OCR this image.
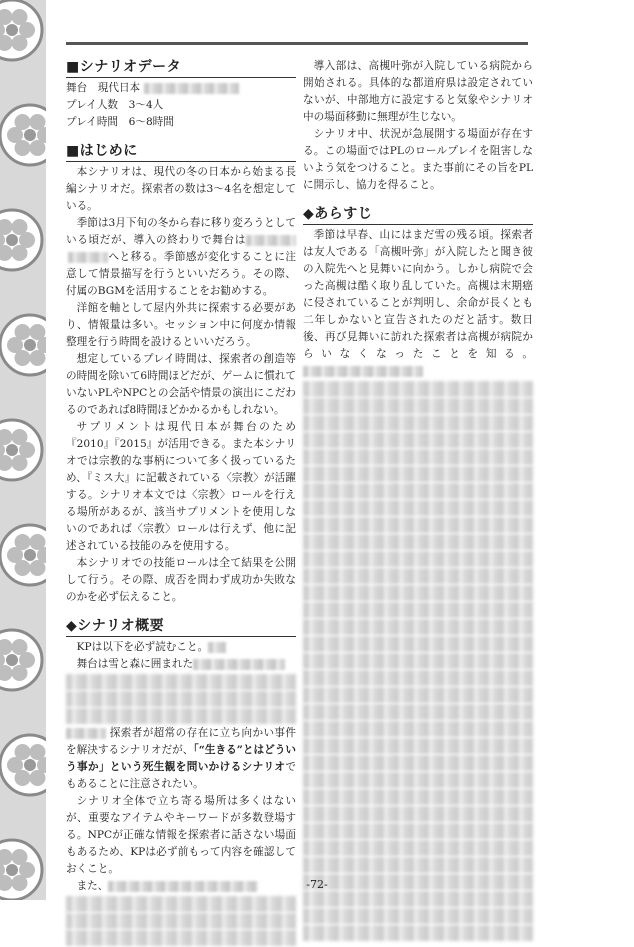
■シナリオデータ
舞台　現代日本
プレイ人数　3〜4人
プレイ時間　6〜8時間
■はじめに

本シナリオは、現代の冬の日本から始まる長編シナリオだ。探索者の数は3〜4名を想定している。

季節は3月下旬の冬から春に移り変ろうとしている頃だが、導入の終わりで舞台はへと移る。季節感が変化することに注意して情景描写を行うといいだろう。その際、付属のBGMを活用することをお勧めする。

洋館を軸として屋内外共に探索する必要があり、情報量は多い。セッション中に何度か情報整理を行う時間を設けるといいだろう。

想定しているプレイ時間は、探索者の創造等の時間を除いて6時間ほどだが、ゲームに慣れていないPLやNPCとの会話や情景の演出にこだわるのであれば8時間ほどかかるかもしれない。

サプリメントは現代日本が舞台のため『2010』『2015』が活用できる。また本シナリオでは宗教的な事柄について多く扱っているため、『ミス大』に記載されている〈宗教〉が活躍する。シナリオ本文では〈宗教〉ロールを行える場所があるが、該当サプリメントを使用しないのであれば〈宗教〉ロールは行えず、他に記述されている技能のみを使用する。

本シナリオでの技能ロールは全て結果を公開して行う。その際、成否を問わず成功か失敗なのかを必ず伝えること。

◆シナリオ概要

KPは以下を必ず読むこと。

舞台は雪と森に囲まれた

探索者が超常の存在に立ち向かい事件を解決するシナリオだが、「“生きる”とはどういう事か」という死生観を問いかけるシナリオでもあることに注意されたい。

シナリオ全体で立ち寄る場所は多くはないが、重要なアイテムやキーワードが多数登場する。NPCが正確な情報を探索者に話さない場面もあるため、KPは必ず前もって内容を確認しておくこと。

また、

導入部は、高槻叶弥が入院している病院から開始される。具体的な都道府県は設定されていないが、中部地方に設定すると気象やシナリオ中の場面移動に無理が生じない。

シナリオ中、状況が急展開する場面が存在する。この場面ではPLのロールプレイを阻害しないよう気をつけること。また事前にその旨をPLに開示し、協力を得ること。

◆あらすじ

季節は早春、山にはまだ雪の残る頃。探索者は友人である「高槻叶弥」が入院したと聞き彼の入院先へと見舞いに向かう。しかし病院で会った高槻は酷く取り乱していた。高槻は末期癌に侵されていることが判明し、余命が長くとも二年しかないと宣告されたのだと話す。数日後、再び見舞いに訪れた探索者は高槻が病院からいなくなったことを知る。

-72-
